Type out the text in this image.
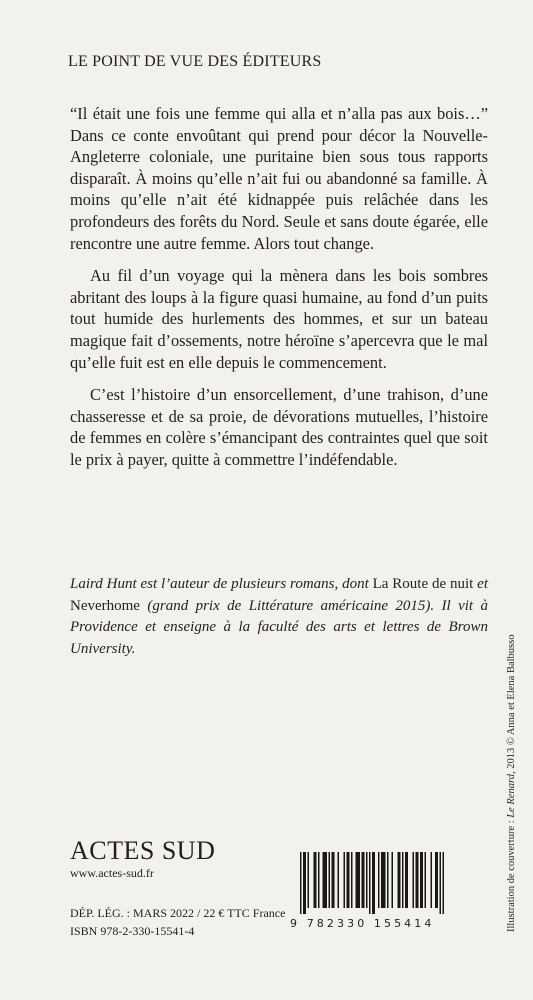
LE POINT DE VUE DES ÉDITEURS

“Il était une fois une femme qui alla et n’alla pas aux bois…” Dans ce conte envoûtant qui prend pour décor la Nouvelle-Angleterre coloniale, une puritaine bien sous tous rapports disparaît. À moins qu’elle n’ait fui ou abandonné sa famille. À moins qu’elle n’ait été kidnappée puis relâchée dans les profondeurs des forêts du Nord. Seule et sans doute égarée, elle rencontre une autre femme. Alors tout change.

Au fil d’un voyage qui la mènera dans les bois sombres abritant des loups à la figure quasi humaine, au fond d’un puits tout humide des hurlements des hommes, et sur un bateau magique fait d’ossements, notre héroïne s’apercevra que le mal qu’elle fuit est en elle depuis le commencement.

C’est l’histoire d’un ensorcellement, d’une trahison, d’une chasseresse et de sa proie, de dévorations mutuelles, l’histoire de femmes en colère s’émancipant des contraintes quel que soit le prix à payer, quitte à commettre l’indéfendable.

Laird Hunt est l’auteur de plusieurs romans, dont La Route de nuit et Neverhome (grand prix de Littérature américaine 2015). Il vit à Providence et enseigne à la faculté des arts et lettres de Brown University.
ACTES SUD
www.actes-sud.fr
DÉP. LÉG. : MARS 2022 / 22 € TTC France
ISBN 978-2-330-15541-4
9 782330 155414	Illustration de couverture : Le Renard, 2013 © Anna et Elena Balbusso
